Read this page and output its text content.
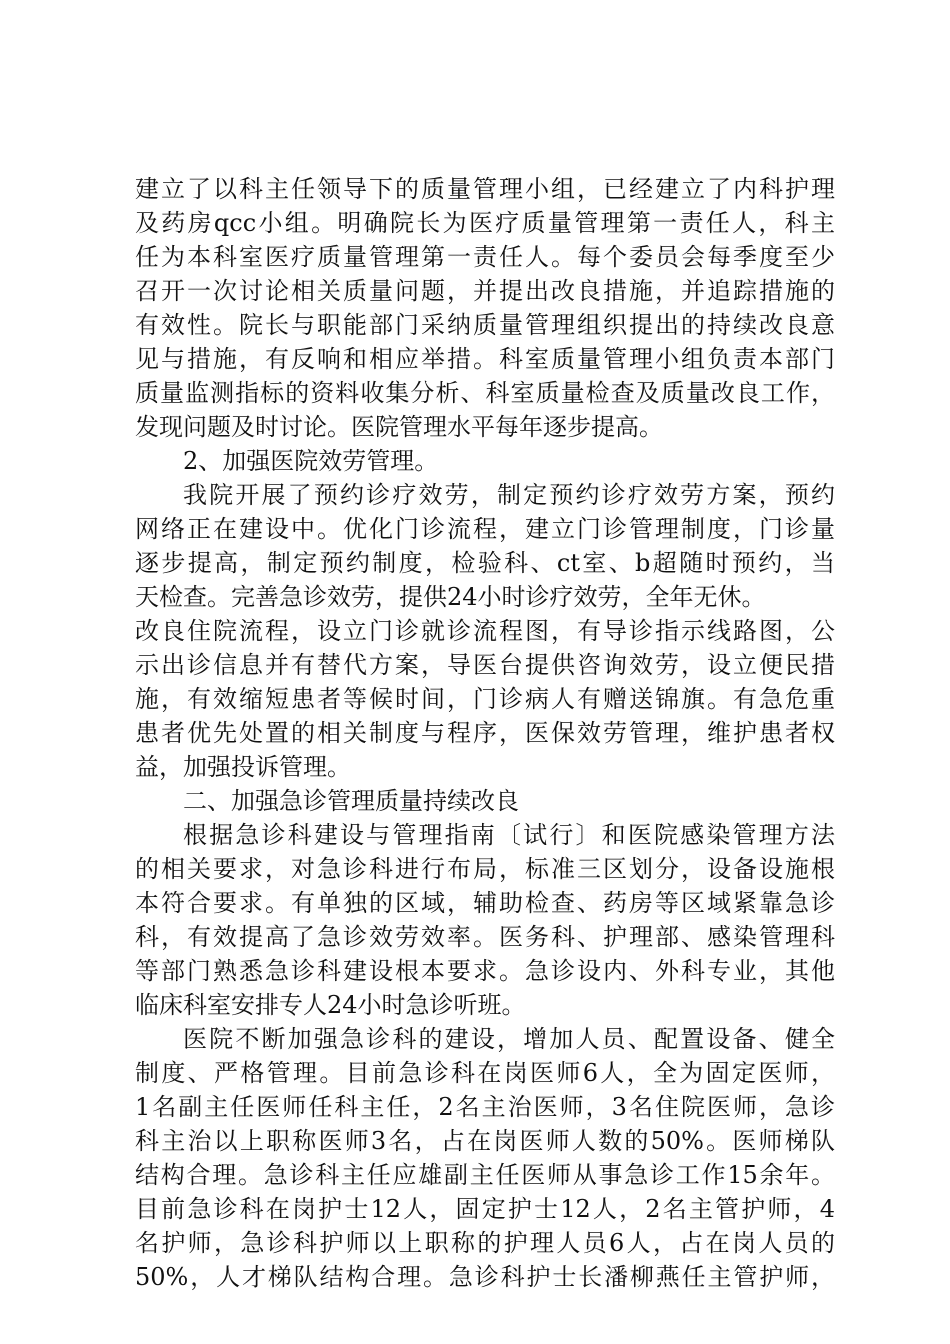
建立了以科主任领导下的质量管理小组，已经建立了内科护理
及药房qcc小组。明确院长为医疗质量管理第一责任人，科主
任为本科室医疗质量管理第一责任人。每个委员会每季度至少
召开一次讨论相关质量问题，并提出改良措施，并追踪措施的
有效性。院长与职能部门采纳质量管理组织提出的持续改良意
见与措施，有反响和相应举措。科室质量管理小组负责本部门
质量监测指标的资料收集分析、科室质量检查及质量改良工作，
发现问题及时讨论。医院管理水平每年逐步提高。
2、加强医院效劳管理。
我院开展了预约诊疗效劳，制定预约诊疗效劳方案，预约
网络正在建设中。优化门诊流程，建立门诊管理制度，门诊量
逐步提高，制定预约制度，检验科、ct室、b超随时预约，当
天检查。完善急诊效劳，提供24小时诊疗效劳，全年无休。
改良住院流程，设立门诊就诊流程图，有导诊指示线路图，公
示出诊信息并有替代方案，导医台提供咨询效劳，设立便民措
施，有效缩短患者等候时间，门诊病人有赠送锦旗。有急危重
患者优先处置的相关制度与程序，医保效劳管理，维护患者权
益，加强投诉管理。
二、加强急诊管理质量持续改良
根据急诊科建设与管理指南〔试行〕和医院感染管理方法
的相关要求，对急诊科进行布局，标准三区划分，设备设施根
本符合要求。有单独的区域，辅助检查、药房等区域紧靠急诊
科，有效提高了急诊效劳效率。医务科、护理部、感染管理科
等部门熟悉急诊科建设根本要求。急诊设内、外科专业，其他
临床科室安排专人24小时急诊听班。
医院不断加强急诊科的建设，增加人员、配置设备、健全
制度、严格管理。目前急诊科在岗医师6人，全为固定医师，
1名副主任医师任科主任，2名主治医师，3名住院医师，急诊
科主治以上职称医师3名，占在岗医师人数的50%。医师梯队
结构合理。急诊科主任应雄副主任医师从事急诊工作15余年。
目前急诊科在岗护士12人，固定护士12人，2名主管护师，4
名护师，急诊科护师以上职称的护理人员6人，占在岗人员的
50%，人才梯队结构合理。急诊科护士长潘柳燕任主管护师，
